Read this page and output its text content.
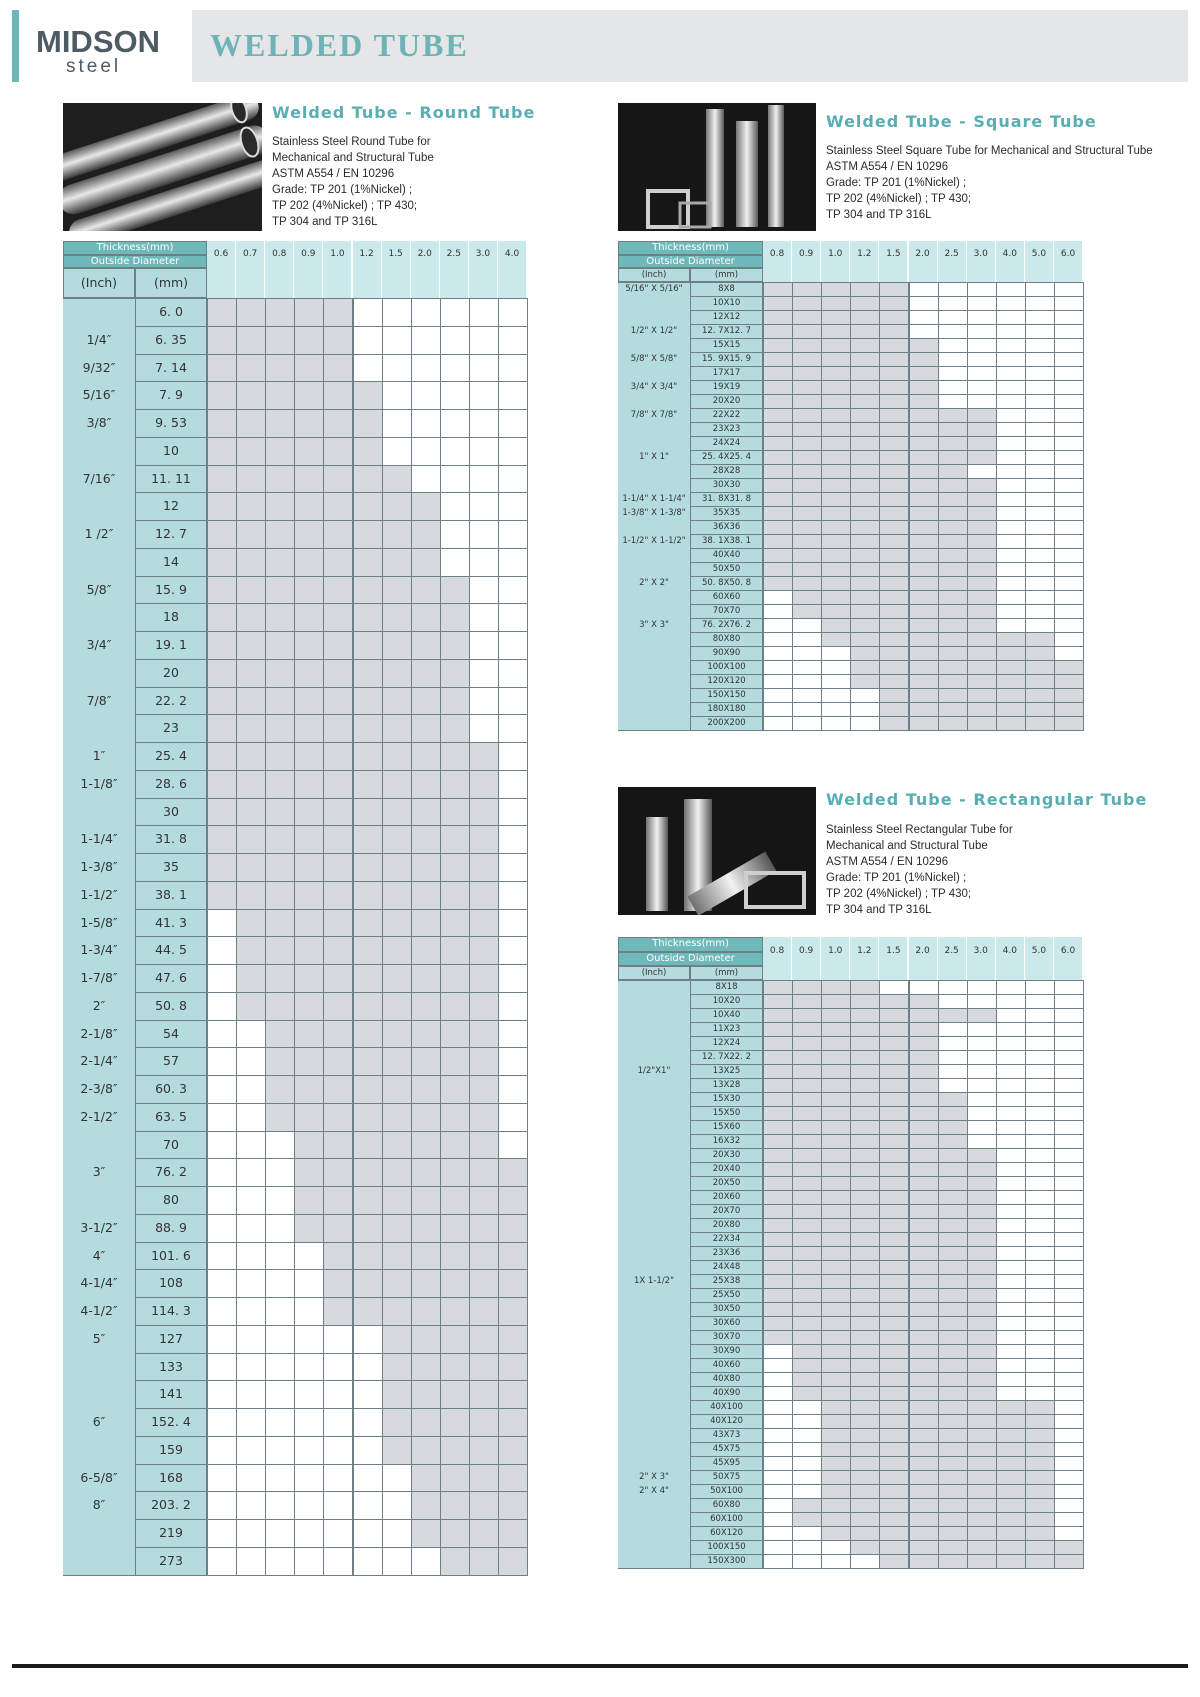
MIDSON
steel
WELDED TUBE
Welded Tube - Round Tube
Stainless Steel Round Tube for
Mechanical and Structural Tube
ASTM A554 / EN 10296
Grade: TP 201 (1%Nickel) ;
TP 202 (4%Nickel) ; TP 430;
TP 304 and TP 316L
Thickness(mm)
Outside Diameter
0.6	0.7	0.8	0.9	1.0	1.2	1.5	2.0	2.5	3.0	4.0
(Inch)	(mm)
6. 0
1/4″	6. 35
9/32″	7. 14
5/16″	7. 9
3/8″	9. 53
10
7/16″	11. 11
12
1 /2″	12. 7
14
5/8″	15. 9
18
3/4″	19. 1
20
7/8″	22. 2
23
1″	25. 4
1-1/8″	28. 6
30
1-1/4″	31. 8
1-3/8″	35
1-1/2″	38. 1
1-5/8″	41. 3
1-3/4″	44. 5
1-7/8″	47. 6
2″	50. 8
2-1/8″	54
2-1/4″	57
2-3/8″	60. 3
2-1/2″	63. 5
70
3″	76. 2
80
3-1/2″	88. 9
4″	101. 6
4-1/4″	108
4-1/2″	114. 3
5″	127
133
141
6″	152. 4
159
6-5/8″	168
8″	203. 2
219
273
Welded Tube - Square Tube
Stainless Steel Square Tube for Mechanical and Structural Tube
ASTM A554 / EN 10296
Grade: TP 201 (1%Nickel) ;
TP 202 (4%Nickel) ; TP 430;
TP 304 and TP 316L
Thickness(mm)
Outside Diameter
0.8	0.9	1.0	1.2	1.5	2.0	2.5	3.0	4.0	5.0	6.0
(Inch)	(mm)
5/16" X 5/16"	8X8
10X10
12X12
1/2" X 1/2"	12. 7X12. 7
15X15
5/8" X 5/8"	15. 9X15. 9
17X17
3/4" X 3/4"	19X19
20X20
7/8" X 7/8"	22X22
23X23
24X24
1" X 1"	25. 4X25. 4
28X28
30X30
1-1/4" X 1-1/4"	31. 8X31. 8
1-3/8" X 1-3/8"	35X35
36X36
1-1/2" X 1-1/2"	38. 1X38. 1
40X40
50X50
2" X 2"	50. 8X50. 8
60X60
70X70
3" X 3"	76. 2X76. 2
80X80
90X90
100X100
120X120
150X150
180X180
200X200
Welded Tube - Rectangular Tube
Stainless Steel Rectangular Tube for
Mechanical and Structural Tube
ASTM A554 / EN 10296
Grade: TP 201 (1%Nickel) ;
TP 202 (4%Nickel) ; TP 430;
TP 304 and TP 316L
Thickness(mm)
Outside Diameter
0.8	0.9	1.0	1.2	1.5	2.0	2.5	3.0	4.0	5.0	6.0
(Inch)	(mm)
8X18
10X20
10X40
11X23
12X24
12. 7X22. 2
1/2"X1"	13X25
13X28
15X30
15X50
15X60
16X32
20X30
20X40
20X50
20X60
20X70
20X80
22X34
23X36
24X48
1X 1-1/2"	25X38
25X50
30X50
30X60
30X70
30X90
40X60
40X80
40X90
40X100
40X120
43X73
45X75
45X95
2" X 3"	50X75
2" X 4"	50X100
60X80
60X100
60X120
100X150
150X300
